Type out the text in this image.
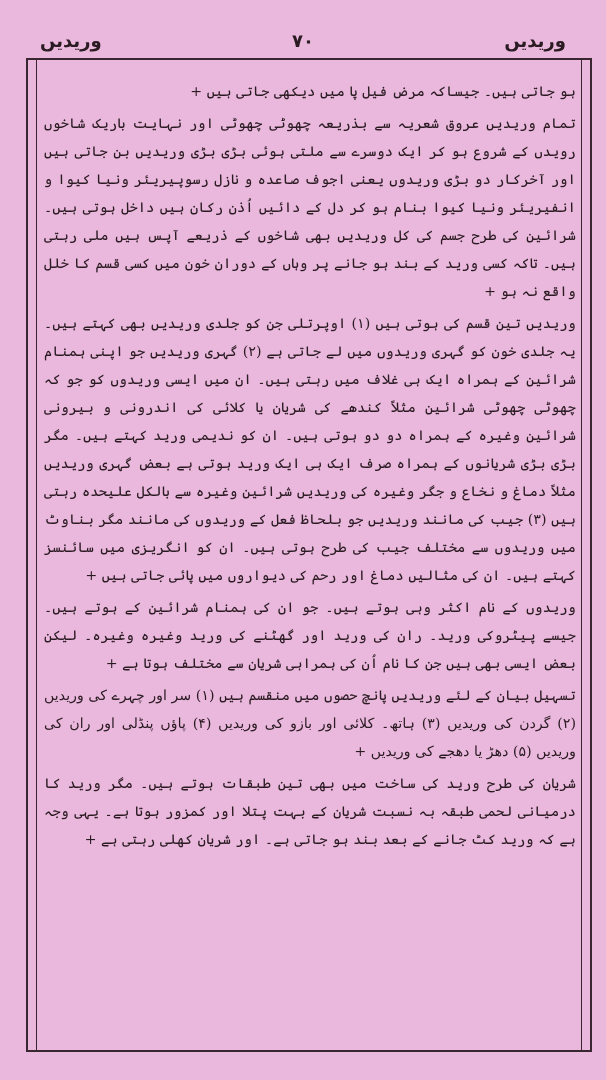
وریدیں	۷۰	وریدیں

ہو جاتی ہیں۔ جیساکہ مرض فیل پا میں دیکھی جاتی ہیں +

تمام وریدیں عروق شعریہ سے بذریعہ چھوٹی چھوٹی اور نہایت باریک شاخوں رویدں کے شروع ہو کر ایک دوسرے سے ملتی ہوئی بڑی بڑی وریدیں بن جاتی ہیں اور آخرکار دو بڑی وریدوں یعنی اجوف صاعدہ و نازل رسوپیریئر ونیا کیوا و انفیریئر ونیا کیوا بنام ہو کر دل کے دائیں اُذن رکان ہیں داخل ہوتی ہیں۔ شرائین کی طرح جسم کی کل وریدیں بھی شاخوں کے ذریعے آپس ہیں ملی رہتی ہیں۔ تاکہ کسی ورید کے بند ہو جانے پر وہاں کے دوران خون میں کسی قسم کا خلل واقع نہ ہو +

وریدیں تین قسم کی ہوتی ہیں (۱) اوپرتلی جن کو جلدی وریدیں بھی کہتے ہیں۔ یہ جلدی خون کو گہری وریدوں میں لے جاتی ہے (۲) گہری وریدیں جو اپنی ہمنام شرائین کے ہمراہ ایک ہی غلاف میں رہتی ہیں۔ ان میں ایسی وریدوں کو جو کہ چھوٹی چھوٹی شرائین مثلاً کندھے کی شریان یا کلائی کی اندرونی و بیرونی شرائین وغیرہ کے ہمراہ دو دو ہوتی ہیں۔ ان کو ندیمی ورید کہتے ہیں۔ مگر بڑی بڑی شریانوں کے ہمراہ صرف ایک ہی ایک ورید ہوتی ہے بعض گہری وریدیں مثلاً دماغ و نخاع و جگر وغیرہ کی وریدیں شرائین وغیرہ سے بالکل علیحدہ رہتی ہیں (۳) جیب کی مانند وریدیں جو بلحاظ فعل کے وریدوں کی مانند مگر بناوٹ میں وریدوں سے مختلف جیب کی طرح ہوتی ہیں۔ ان کو انگریزی میں سائنسز کہتے ہیں۔ ان کی مثالیں دماغ اور رحم کی دیواروں میں پائی جاتی ہیں +

وریدوں کے نام اکثر وہی ہوتے ہیں۔ جو ان کی ہمنام شرائین کے ہوتے ہیں۔ جیسے پیٹروکی ورید۔ ران کی ورید اور گھٹنے کی ورید وغیرہ وغیرہ۔ لیکن بعض ایسی بھی ہیں جن کا نام اُن کی ہمراہی شریان سے مختلف ہوتا ہے +

تسہیل بیان کے لئے وریدیں پانچ حصوں میں منقسم ہیں (۱) سر اور چہرے کی وریدیں (۲) گردن کی وریدیں (۳) ہاتھ۔ کلائی اور بازو کی وریدیں (۴) پاؤں پنڈلی اور ران کی وریدیں (۵) دھڑ یا دھجے کی وریدیں +

شریان کی طرح ورید کی ساخت میں بھی تین طبقات ہوتے ہیں۔ مگر ورید کا درمیانی لحمی طبقہ بہ نسبت شریان کے بہت پتلا اور کمزور ہوتا ہے۔ یہی وجہ ہے کہ ورید کٹ جانے کے بعد بند ہو جاتی ہے۔ اور شریان کھلی رہتی ہے +
